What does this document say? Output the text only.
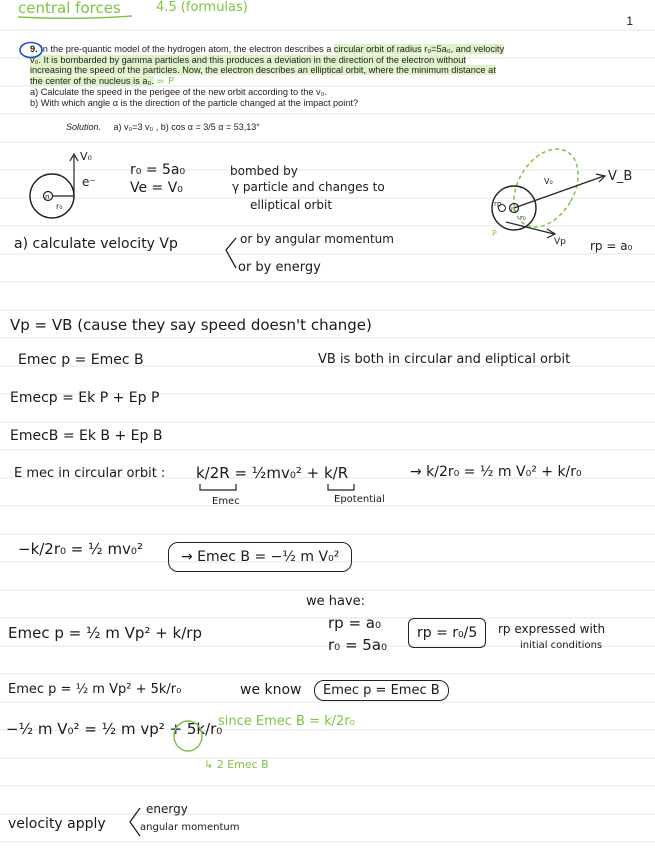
central forces	4.5 (formulas)
1

9. In the pre-quantic model of the hydrogen atom, the electron describes a circular orbit of radius r₀=5a₀, and velocity v₀. It is bombarded by gamma particles and this produces a deviation in the direction of the electron without increasing the speed of the particles. Now, the electron describes an elliptical orbit, where the minimum distance at the center of the nucleus is a₀. = P

a) Calculate the speed in the perigee of the new orbit according to the v₀.

b) With which angle α is the direction of the particle changed at the impact point?

Solution. a) v₀=3 v₀ , b) cos α = 3/5 α = 53,13°
V₀
e⁻
r₀
n
r₀ = 5a₀
Ve = V₀
bombed by
γ particle and changes to
elliptical orbit
V_B
V₀
rp
n
r₀
P
Vp rp = a₀
a) calculate velocity Vp	or by angular momentum
or by energy
Vp = VB (cause they say speed doesn't change)
Emec p = Emec B	VB is both in circular and eliptical orbit
Emecp = Ek P + Ep P
EmecB = Ek B + Ep B
E mec in circular orbit : k/2R = ½mv₀² + k/R	→ k/2r₀ = ½ m V₀² + k/r₀
Emec	Epotential
−k/2r₀ = ½ mv₀²	→ Emec B = −½ m V₀²
we have:
rp = a₀
r₀ = 5a₀
rp = r₀/5	rp expressed with
initial conditions
Emec p = ½ m Vp² + k/rp
Emec p = ½ m Vp² + 5k/r₀	we know	Emec p = Emec B
−½ m V₀² = ½ m vp² + 5k/r₀
since Emec B = k/2r₀
↳ 2 Emec B
velocity apply
energy
angular momentum
